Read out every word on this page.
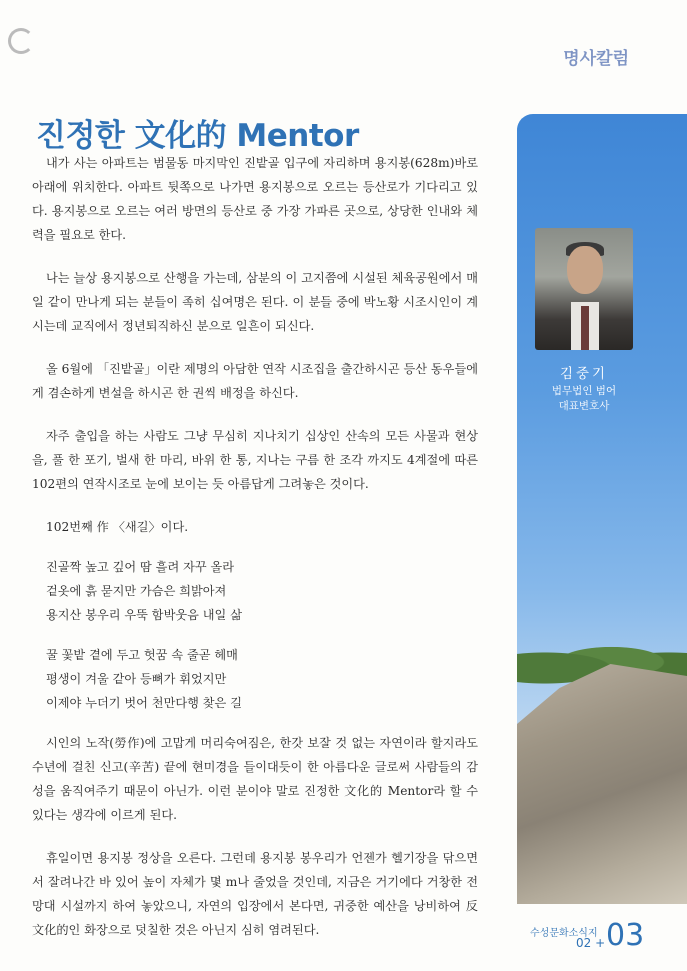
명사칼럼
진정한 文化的 Mentor

내가 사는 아파트는 범물동 마지막인 진밭골 입구에 자리하며 용지봉(628m)바로 아래에 위치한다. 아파트 뒷쪽으로 나가면 용지봉으로 오르는 등산로가 기다리고 있다. 용지봉으로 오르는 여러 방면의 등산로 중 가장 가파른 곳으로, 상당한 인내와 체력을 필요로 한다.

나는 늘상 용지봉으로 산행을 가는데, 삼분의 이 고지쯤에 시설된 체육공원에서 매일 같이 만나게 되는 분들이 족히 십여명은 된다. 이 분들 중에 박노황 시조시인이 계시는데 교직에서 정년퇴직하신 분으로 일흔이 되신다.

올 6월에 「진밭골」이란 제명의 아담한 연작 시조집을 출간하시곤 등산 동우들에게 겸손하게 변설을 하시곤 한 권씩 배정을 하신다.

자주 출입을 하는 사람도 그냥 무심히 지나치기 십상인 산속의 모든 사물과 현상을, 풀 한 포기, 벌새 한 마리, 바위 한 통, 지나는 구름 한 조각 까지도 4계절에 따른 102편의 연작시조로 눈에 보이는 듯 아름답게 그려놓은 것이다.

102번째 作 〈새길〉이다.

진골짝 높고 깊어 땀 흘려 자꾸 올라
겉옷에 흙 묻지만 가슴은 희밝아져
용지산 봉우리 우뚝 함박웃음 내일 삶
꿀 꽃밭 곁에 두고 헛꿈 속 줄곧 헤매
평생이 겨울 같아 등뼈가 휘었지만
이제야 누더기 벗어 천만다행 찾은 길

시인의 노작(勞作)에 고맙게 머리숙여짐은, 한갓 보잘 것 없는 자연이라 할지라도 수년에 걸친 신고(辛苦) 끝에 현미경을 들이대듯이 한 아름다운 글로써 사람들의 감성을 움직여주기 때문이 아닌가. 이런 분이야 말로 진정한 文化的 Mentor라 할 수 있다는 생각에 이르게 된다.

휴일이면 용지봉 정상을 오른다. 그런데 용지봉 봉우리가 언젠가 헬기장을 닦으면서 잘려나간 바 있어 높이 자체가 몇 m나 줄었을 것인데, 지금은 거기에다 거창한 전망대 시설까지 하여 놓았으니, 자연의 입장에서 본다면, 귀중한 예산을 낭비하여 反文化的인 화장으로 덧칠한 것은 아닌지 심히 염려된다.

김중기
법무법인 범어
대표변호사
수성문화소식지
02 + 03
